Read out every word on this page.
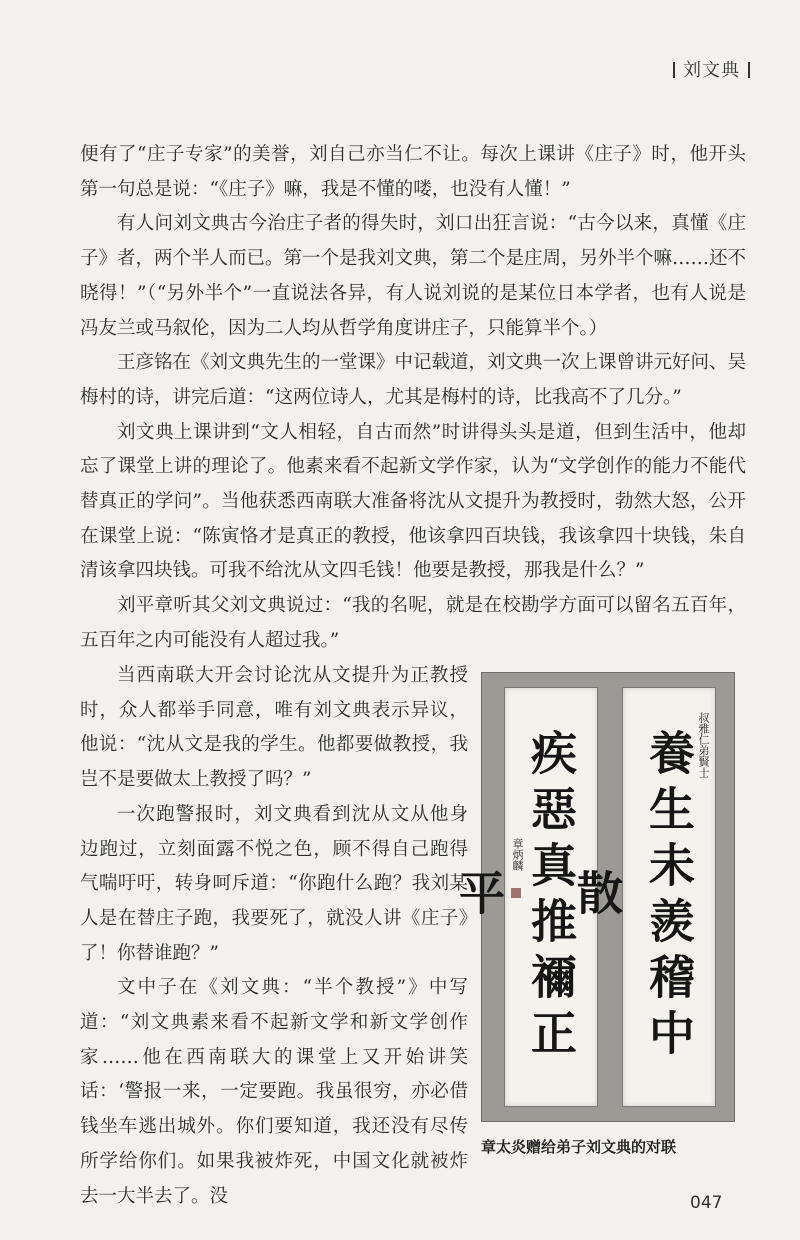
刘文典

便有了“庄子专家”的美誉，刘自己亦当仁不让。每次上课讲《庄子》时，他开头第一句总是说：“《庄子》嘛，我是不懂的喽，也没有人懂！”

有人问刘文典古今治庄子者的得失时，刘口出狂言说：“古今以来，真懂《庄子》者，两个半人而已。第一个是我刘文典，第二个是庄周，另外半个嘛……还不晓得！”（“另外半个”一直说法各异，有人说刘说的是某位日本学者，也有人说是冯友兰或马叙伦，因为二人均从哲学角度讲庄子，只能算半个。）

王彦铭在《刘文典先生的一堂课》中记载道，刘文典一次上课曾讲元好问、吴梅村的诗，讲完后道：“这两位诗人，尤其是梅村的诗，比我高不了几分。”

刘文典上课讲到“文人相轻，自古而然”时讲得头头是道，但到生活中，他却忘了课堂上讲的理论了。他素来看不起新文学作家，认为“文学创作的能力不能代替真正的学问”。当他获悉西南联大准备将沈从文提升为教授时，勃然大怒，公开在课堂上说：“陈寅恪才是真正的教授，他该拿四百块钱，我该拿四十块钱，朱自清该拿四块钱。可我不给沈从文四毛钱！他要是教授，那我是什么？”

刘平章听其父刘文典说过：“我的名呢，就是在校勘学方面可以留名五百年，五百年之内可能没有人超过我。”

当西南联大开会讨论沈从文提升为正教授时，众人都举手同意，唯有刘文典表示异议，他说：“沈从文是我的学生。他都要做教授，我岂不是要做太上教授了吗？”

一次跑警报时，刘文典看到沈从文从他身边跑过，立刻面露不悦之色，顾不得自己跑得气喘吁吁，转身呵斥道：“你跑什么跑？我刘某人是在替庄子跑，我要死了，就没人讲《庄子》了！你替谁跑？”

文中子在《刘文典：“半个教授”》中写道：“刘文典素来看不起新文学和新文学创作家……他在西南联大的课堂上又开始讲笑话：‘警报一来，一定要跑。我虽很穷，亦必借钱坐车逃出城外。你们要知道，我还没有尽传所学给你们。如果我被炸死，中国文化就被炸去一大半去了。没

疾惡真推禰正平
章炳麟	養生未羨稽中散
叔雅仁弟賢士
章太炎赠给弟子刘文典的对联
047
